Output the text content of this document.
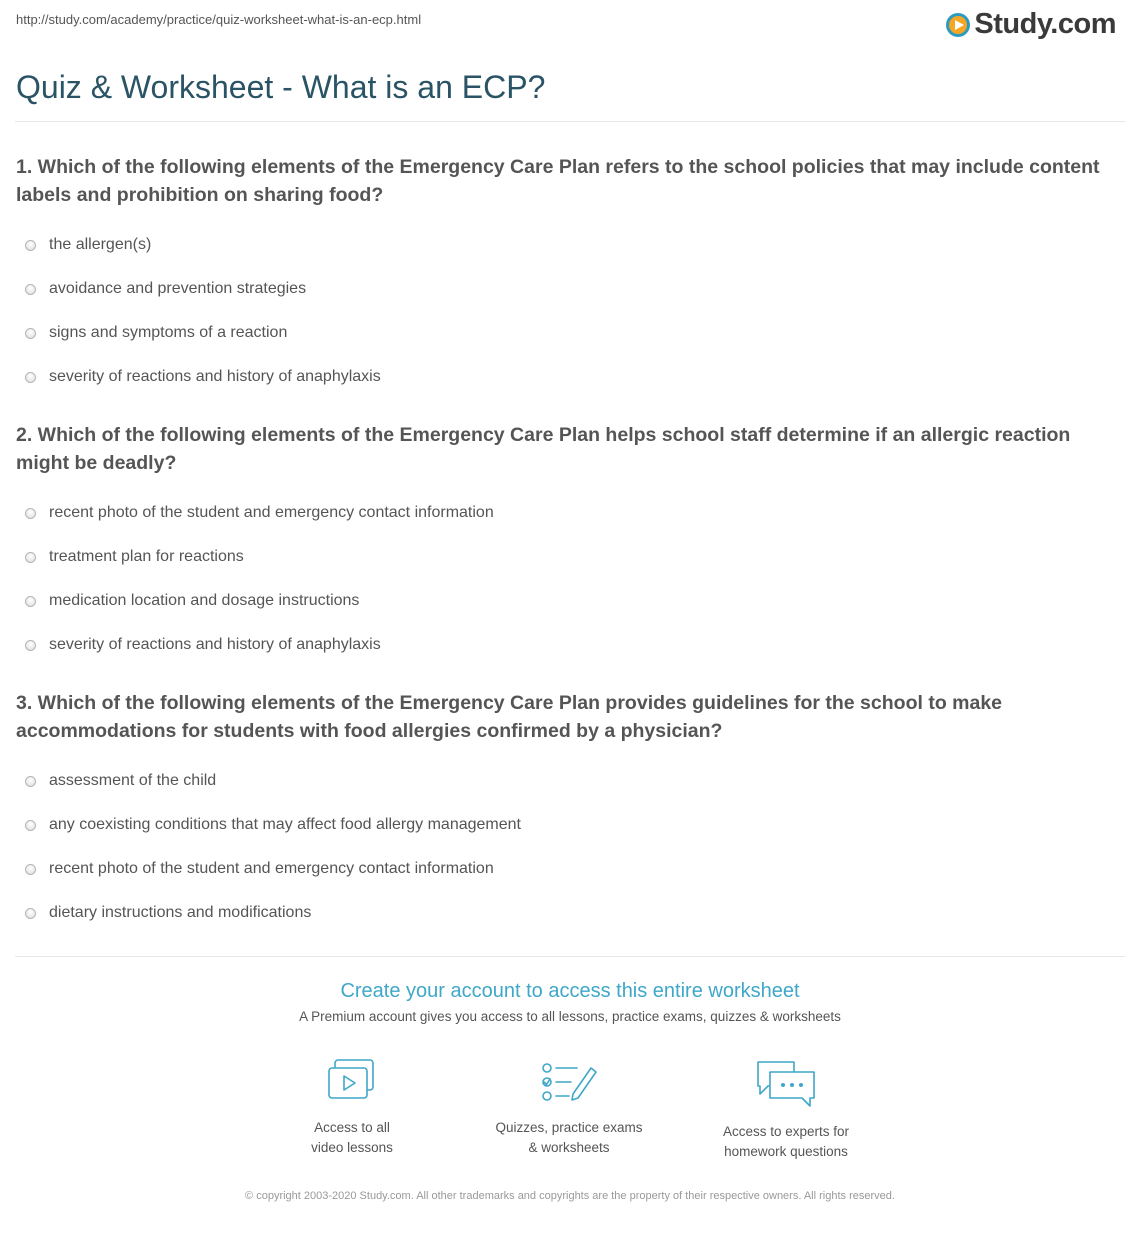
http://study.com/academy/practice/quiz-worksheet-what-is-an-ecp.html	Study.com
Quiz & Worksheet - What is an ECP?

1. Which of the following elements of the Emergency Care Plan refers to the school policies that may include content labels and prohibition on sharing food?

the allergen(s)
avoidance and prevention strategies
signs and symptoms of a reaction
severity of reactions and history of anaphylaxis

2. Which of the following elements of the Emergency Care Plan helps school staff determine if an allergic reaction might be deadly?

recent photo of the student and emergency contact information
treatment plan for reactions
medication location and dosage instructions
severity of reactions and history of anaphylaxis

3. Which of the following elements of the Emergency Care Plan provides guidelines for the school to make accommodations for students with food allergies confirmed by a physician?

assessment of the child
any coexisting conditions that may affect food allergy management
recent photo of the student and emergency contact information
dietary instructions and modifications

Create your account to access this entire worksheet

A Premium account gives you access to all lessons, practice exams, quizzes & worksheets
Access to all
video lessons
Quizzes, practice exams
& worksheets
Access to experts for
homework questions
© copyright 2003-2020 Study.com. All other trademarks and copyrights are the property of their respective owners. All rights reserved.
